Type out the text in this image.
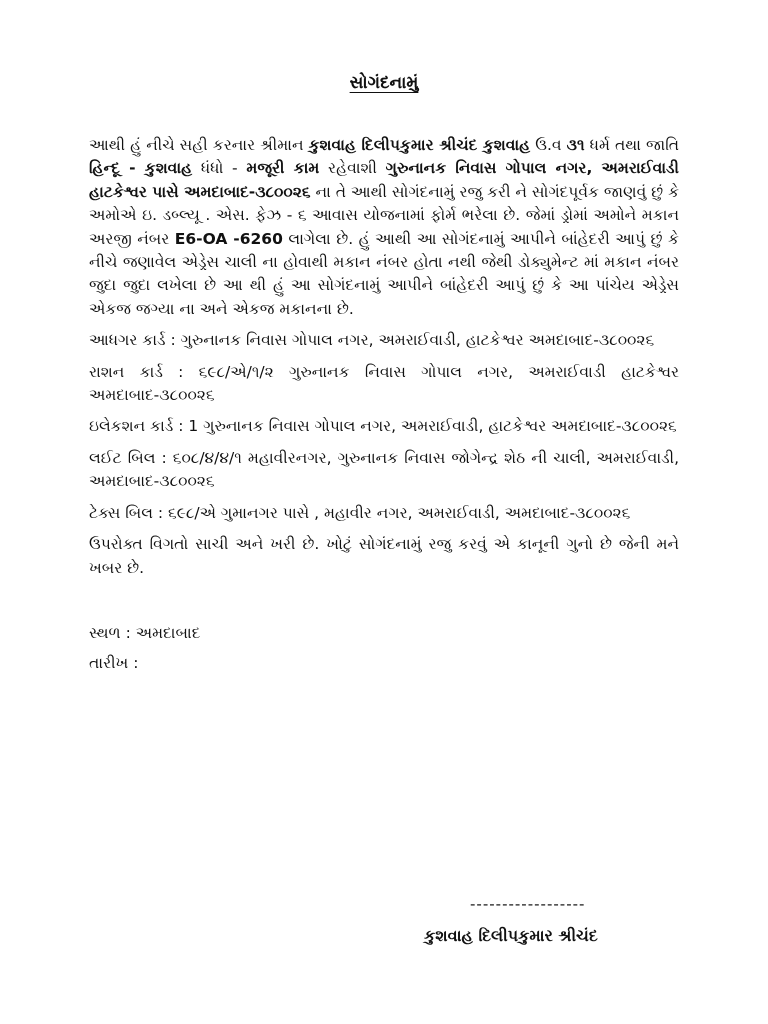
સોગંદનામું

આથી હું નીચે સહી કરનાર શ્રીમાન કુશવાહ દિલીપકુમાર શ્રીચંદ કુશવાહ ઉ.વ ૩૧ ધર્મ તથા જાતિ હિન્દૂ - કુશવાહ ધંધો - મજૂરી કામ રહેવાશી ગુરુનાનક નિવાસ ગોપાલ નગર, અમરાઈવાડી હાટકેશ્વર પાસે અમદાબાદ-૩૮૦૦૨૬ ના તે આથી સોગંદનામું રજુ કરી ને સોગંદપૂર્વક જાણવું છું કે અમોએ ઇ. ડબ્લ્યૂ . એસ. ફેઝ - ૬ આવાસ યોજનામાં ફોર્મ ભરેલા છે. જેમાં ડ્રોમાં અમોને મકાન અરજી નંબર E6-OA -6260 લાગેલા છે. હું આથી આ સોગંદનામું આપીને બાંહેદરી આપું છું કે નીચે જણાવેલ એડ્રેસ ચાલી ના હોવાથી મકાન નંબર હોતા નથી જેથી ડોક્યુમેન્ટ માં મકાન નંબર જુદા જુદા લખેલા છે આ થી હું આ સોગંદનામું આપીને બાંહેદરી આપું છું કે આ પાંચેય એડ્રેસ એકજ જગ્યા ના અને એકજ મકાનના છે.

આધગર કાર્ડ : ગુરુનાનક નિવાસ ગોપાલ નગર, અમરાઈવાડી, હાટકેશ્વર અમદાબાદ-૩૮૦૦૨૬

રાશન કાર્ડ : ૬૯૮/એ/૧/૨ ગુરુનાનક નિવાસ ગોપાલ નગર, અમરાઈવાડી હાટકેશ્વર અમદાબાદ-૩૮૦૦૨૬

ઇલેકશન કાર્ડ : 1 ગુરુનાનક નિવાસ ગોપાલ નગર, અમરાઈવાડી, હાટકેશ્વર અમદાબાદ-૩૮૦૦૨૬

લઈટ બિલ : ૬૦૮/૪/૪/૧ મહાવીરનગર, ગુરુનાનક નિવાસ જોગેન્દ્ર શેઠ ની ચાલી, અમરાઈવાડી, અમદાબાદ-૩૮૦૦૨૬

ટેક્સ બિલ : ૬૯૮/એ ગુમાનગર પાસે , મહાવીર નગર, અમરાઈવાડી, અમદાબાદ-૩૮૦૦૨૬

ઉપરોક્ત વિગતો સાચી અને ખરી છે. ખોટું સોગંદનામું રજુ કરવું એ કાનૂની ગુનો છે જેની મને ખબર છે.

સ્થળ : અમદાબાદ

તારીખ :

------------------
કુશવાહ દિલીપકુમાર શ્રીચંદ
